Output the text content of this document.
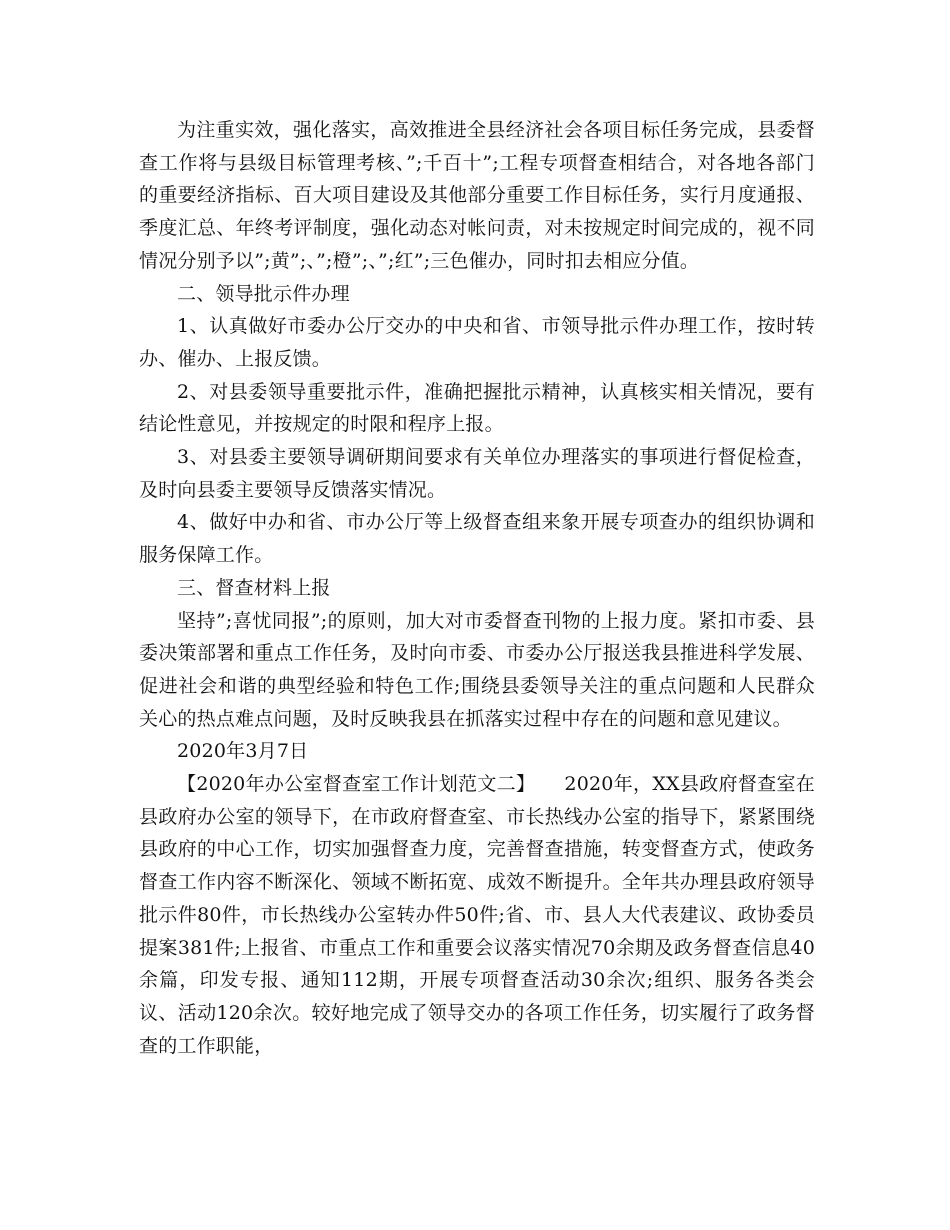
为注重实效，强化落实，高效推进全县经济社会各项目标任务完成，县委督查工作将与县级目标管理考核、”;千百十”;工程专项督查相结合，对各地各部门的重要经济指标、百大项目建设及其他部分重要工作目标任务，实行月度通报、季度汇总、年终考评制度，强化动态对帐问责，对未按规定时间完成的，视不同情况分别予以”;黄”;、”;橙”;、”;红”;三色催办，同时扣去相应分值。

二、领导批示件办理

1、认真做好市委办公厅交办的中央和省、市领导批示件办理工作，按时转办、催办、上报反馈。

2、对县委领导重要批示件，准确把握批示精神，认真核实相关情况，要有结论性意见，并按规定的时限和程序上报。

3、对县委主要领导调研期间要求有关单位办理落实的事项进行督促检查，及时向县委主要领导反馈落实情况。

4、做好中办和省、市办公厅等上级督查组来象开展专项查办的组织协调和服务保障工作。

三、督查材料上报

坚持”;喜忧同报”;的原则，加大对市委督查刊物的上报力度。紧扣市委、县委决策部署和重点工作任务，及时向市委、市委办公厅报送我县推进科学发展、促进社会和谐的典型经验和特色工作;围绕县委领导关注的重点问题和人民群众关心的热点难点问题，及时反映我县在抓落实过程中存在的问题和意见建议。

2020年3月7日

【2020年办公室督查室工作计划范文二】　　2020年，XX县政府督查室在县政府办公室的领导下，在市政府督查室、市长热线办公室的指导下，紧紧围绕县政府的中心工作，切实加强督查力度，完善督查措施，转变督查方式，使政务督查工作内容不断深化、领域不断拓宽、成效不断提升。全年共办理县政府领导批示件80件，市长热线办公室转办件50件;省、市、县人大代表建议、政协委员提案381件;上报省、市重点工作和重要会议落实情况70余期及政务督查信息40余篇，印发专报、通知112期，开展专项督查活动30余次;组织、服务各类会议、活动120余次。较好地完成了领导交办的各项工作任务，切实履行了政务督查的工作职能，
